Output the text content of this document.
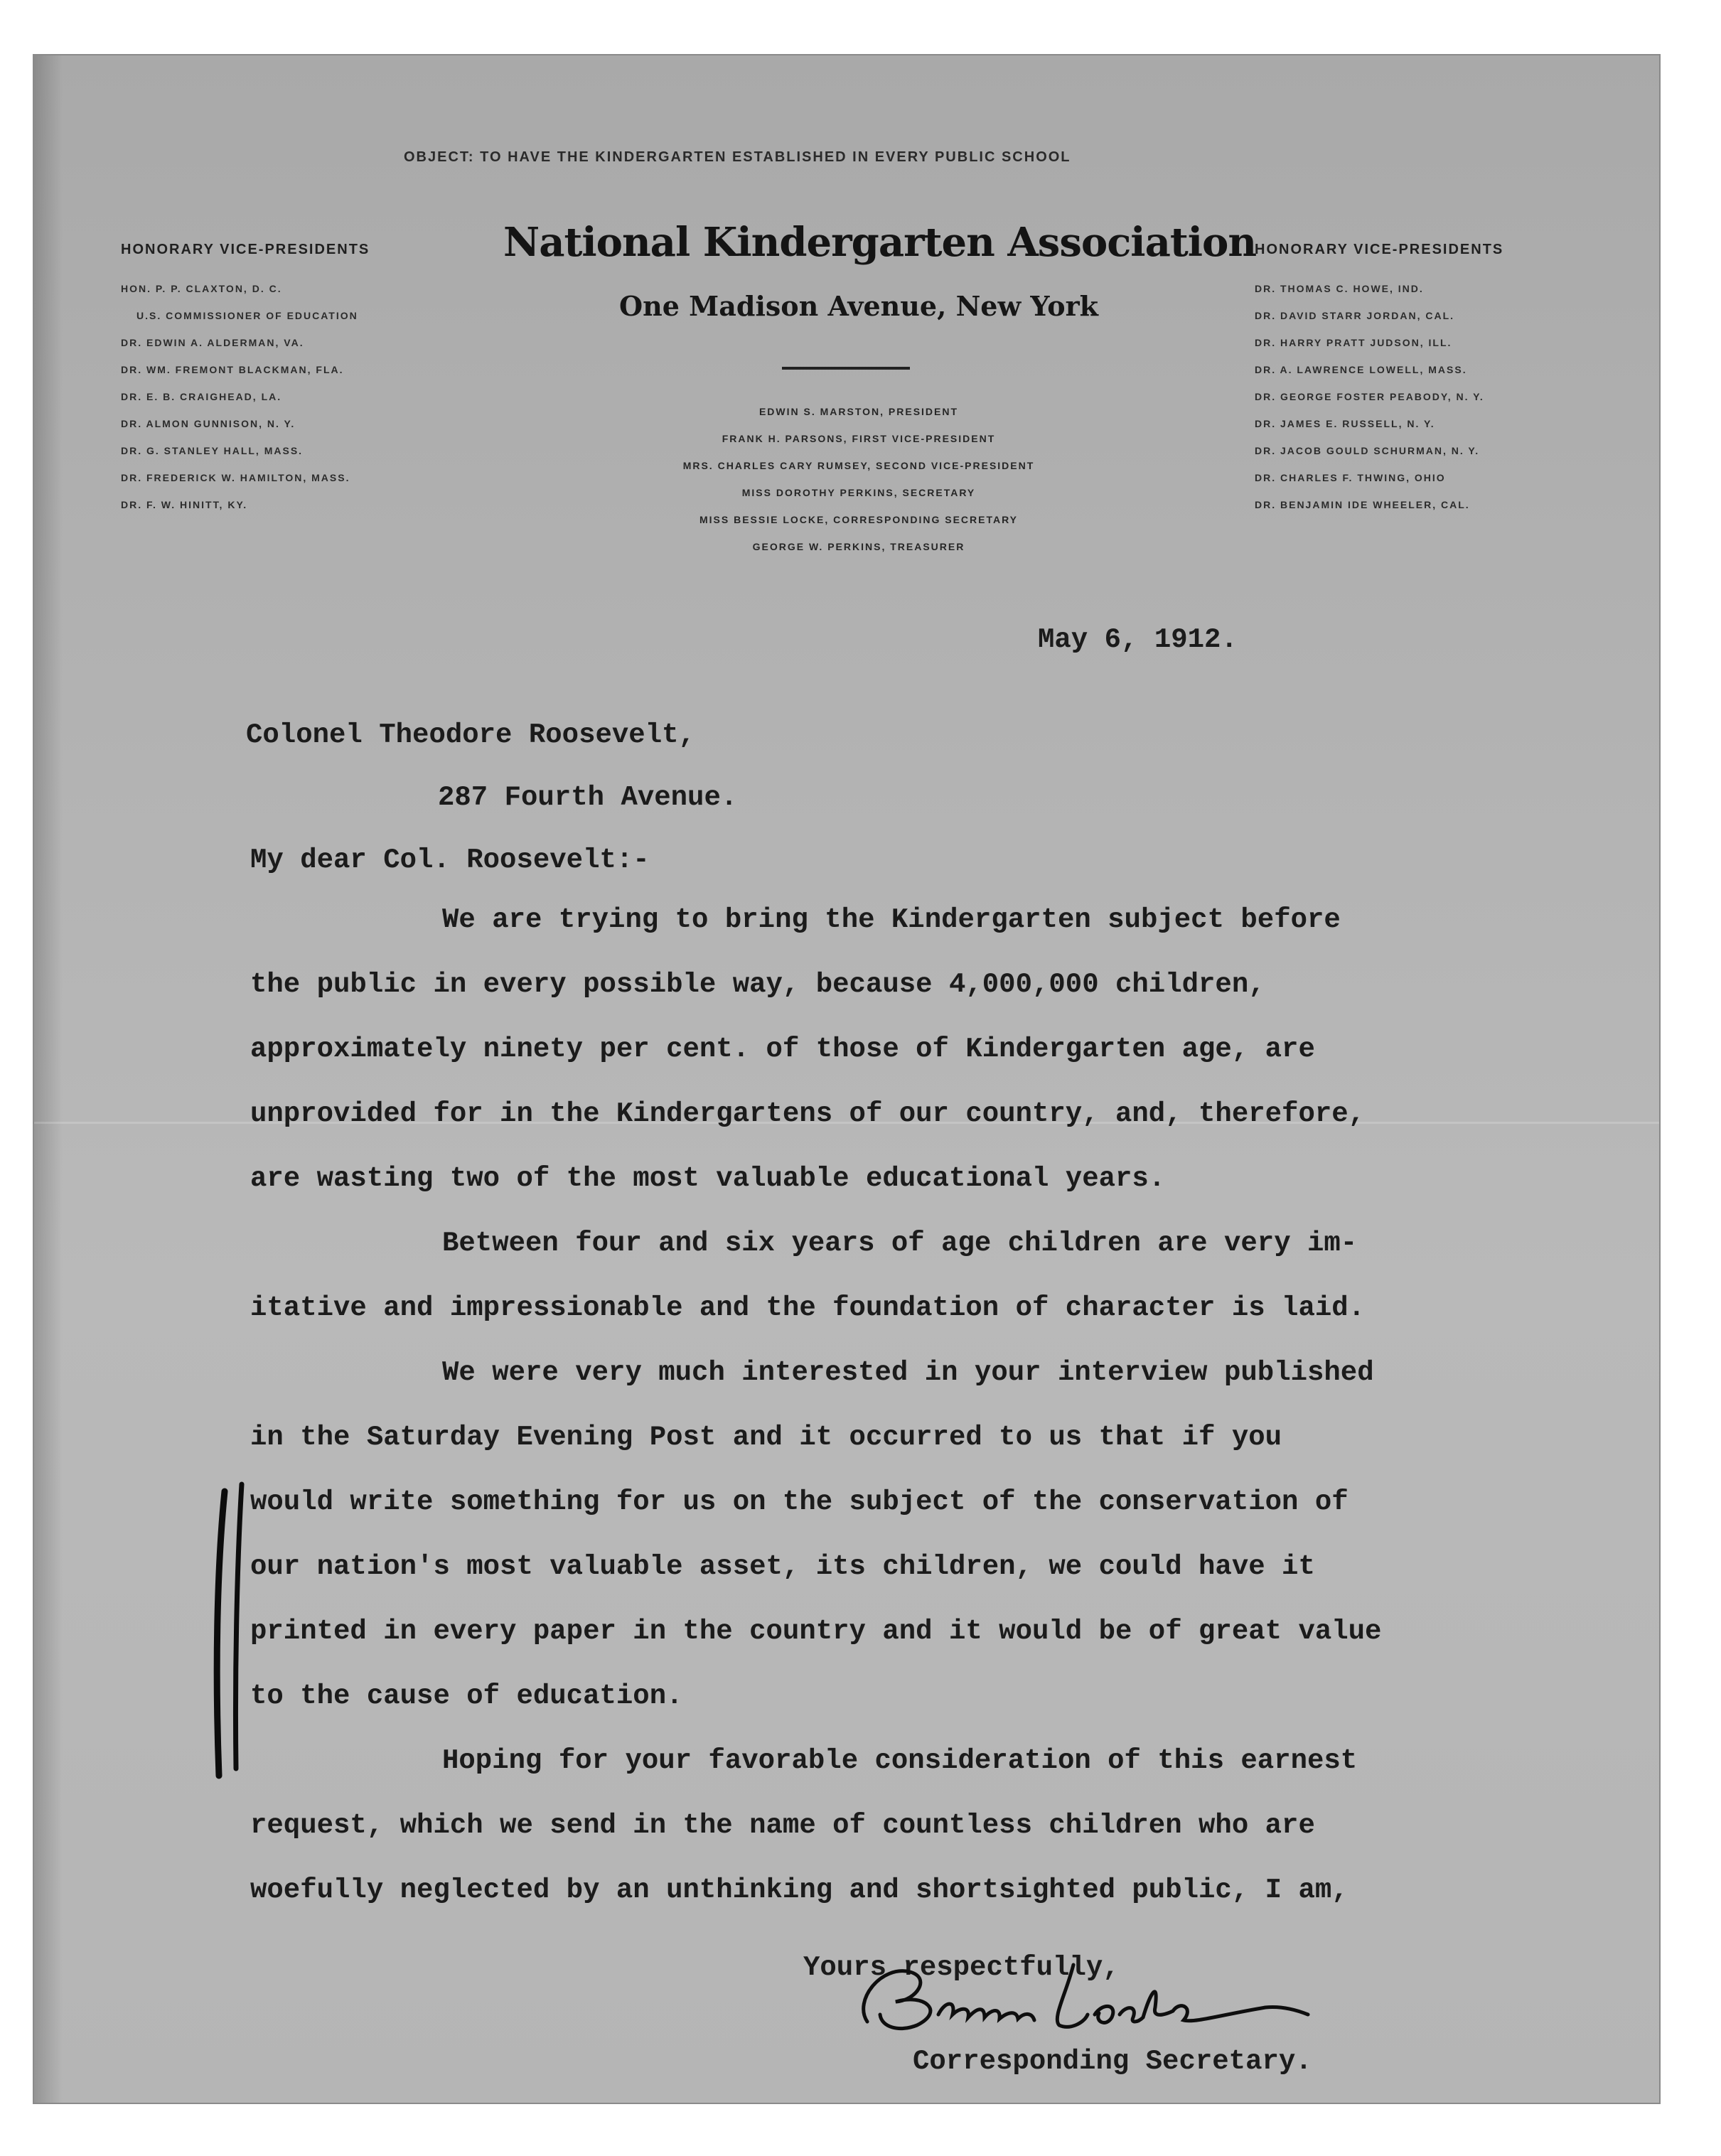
OBJECT: TO HAVE THE KINDERGARTEN ESTABLISHED IN EVERY PUBLIC SCHOOL
HONORARY VICE-PRESIDENTS
HON. P. P. CLAXTON, D. C.
U.S. COMMISSIONER OF EDUCATION
DR. EDWIN A. ALDERMAN, VA.
DR. WM. FREMONT BLACKMAN, FLA.
DR. E. B. CRAIGHEAD, LA.
DR. ALMON GUNNISON, N. Y.
DR. G. STANLEY HALL, MASS.
DR. FREDERICK W. HAMILTON, MASS.
DR. F. W. HINITT, KY.
National Kindergarten Association
One Madison Avenue, New York
EDWIN S. MARSTON, PRESIDENT
FRANK H. PARSONS, FIRST VICE-PRESIDENT
MRS. CHARLES CARY RUMSEY, SECOND VICE-PRESIDENT
MISS DOROTHY PERKINS, SECRETARY
MISS BESSIE LOCKE, CORRESPONDING SECRETARY
GEORGE W. PERKINS, TREASURER
HONORARY VICE-PRESIDENTS
DR. THOMAS C. HOWE, IND.
DR. DAVID STARR JORDAN, CAL.
DR. HARRY PRATT JUDSON, ILL.
DR. A. LAWRENCE LOWELL, MASS.
DR. GEORGE FOSTER PEABODY, N. Y.
DR. JAMES E. RUSSELL, N. Y.
DR. JACOB GOULD SCHURMAN, N. Y.
DR. CHARLES F. THWING, OHIO
DR. BENJAMIN IDE WHEELER, CAL.

May 6, 1912.

Colonel Theodore Roosevelt,

287 Fourth Avenue.

My dear Col. Roosevelt:-

We are trying to bring the Kindergarten subject before
the public in every possible way, because 4,000,000 children,
approximately ninety per cent. of those of Kindergarten age, are
unprovided for in the Kindergartens of our country, and, therefore,
are wasting two of the most valuable educational years.
Between four and six years of age children are very im-
itative and impressionable and the foundation of character is laid.
We were very much interested in your interview published
in the Saturday Evening Post and it occurred to us that if you
would write something for us on the subject of the conservation of
our nation's most valuable asset, its children, we could have it
printed in every paper in the country and it would be of great value
to the cause of education.
Hoping for your favorable consideration of this earnest
request, which we send in the name of countless children who are
woefully neglected by an unthinking and shortsighted public, I am,

Yours respectfully,

Corresponding Secretary.
